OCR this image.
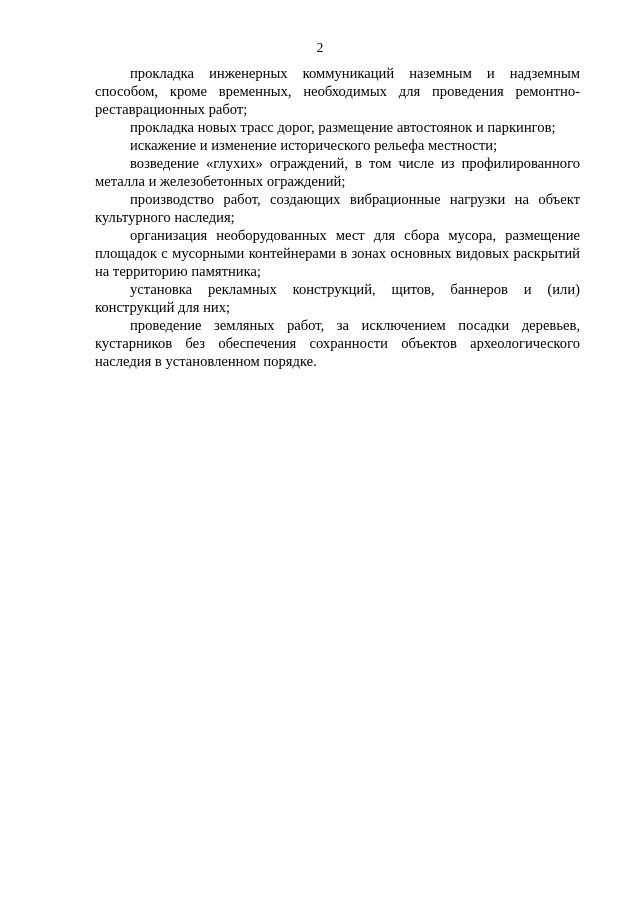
2

прокладка инженерных коммуникаций наземным и надземным способом, кроме временных, необходимых для проведения ремонтно-реставрационных работ;

прокладка новых трасс дорог, размещение автостоянок и паркингов;

искажение и изменение исторического рельефа местности;

возведение «глухих» ограждений, в том числе из профилированного металла и железобетонных ограждений;

производство работ, создающих вибрационные нагрузки на объект культурного наследия;

организация необорудованных мест для сбора мусора, размещение площадок с мусорными контейнерами в зонах основных видовых раскрытий на территорию памятника;

установка рекламных конструкций, щитов, баннеров и (или) конструкций для них;

проведение земляных работ, за исключением посадки деревьев, кустарников без обеспечения сохранности объектов археологического наследия в установленном порядке.
